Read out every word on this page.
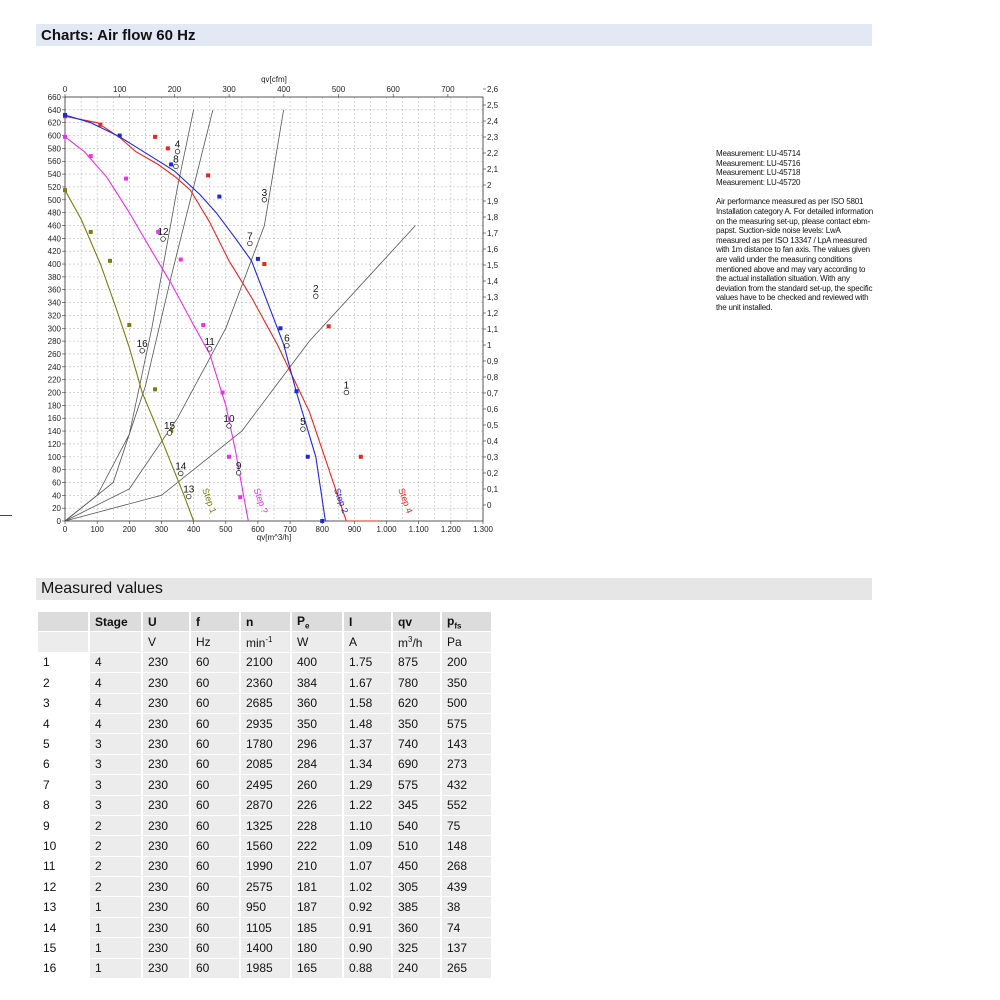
Charts: Air flow 60 Hz
0
20
40
60
80
100
120
140
160
180
200
220
240
260
280
300
320
340
360
380
400
420
440
460
480
500
520
540
560
580
600
620
640
660
0
0,1
0,2
0,3
0,4
0,5
0,6
0,7
0,8
0,9
1
1,1
1,2
1,3
1,4
1,5
1,6
1,7
1,8
1,9
2
2,1
2,2
2,3
2,4
2,5
2,6
0	100 200 300 400 500 600 700 800 900 1.000 1.100 1.200 1.300
qv[m^3/h]
0	100	200	300	400	500	600	700
qv[cfm]
Step 4
Step 2
Step ?
Step 1
1
2
3
4
5
6
7
8
9
10
11
12
13
14
15
16
Measurement: LU-45714
Measurement: LU-45716
Measurement: LU-45718
Measurement: LU-45720
Air performance measured as per ISO 5801 Installation category A. For detailed information on the measuring set-up, please contact ebm-papst. Suction-side noise levels: LwA measured as per ISO 13347 / LpA measured with 1m distance to fan axis. The values given are valid under the measuring conditions mentioned above and may vary according to the actual installation situation. With any deviation from the standard set-up, the specific values have to be checked and reviewed with the unit installed.
Measured values
	Stage	U	f	n	$P_e$	I	qv	$p_{fs}$
		V	Hz	$\min^{-1}$	W	A	$m^3/h$	Pa
1	4	230	60	2100	400	1.75	875	200
2	4	230	60	2360	384	1.67	780	350
3	4	230	60	2685	360	1.58	620	500
4	4	230	60	2935	350	1.48	350	575
5	3	230	60	1780	296	1.37	740	143
6	3	230	60	2085	284	1.34	690	273
7	3	230	60	2495	260	1.29	575	432
8	3	230	60	2870	226	1.22	345	552
9	2	230	60	1325	228	1.10	540	75
10	2	230	60	1560	222	1.09	510	148
11	2	230	60	1990	210	1.07	450	268
12	2	230	60	2575	181	1.02	305	439
13	1	230	60	950	187	0.92	385	38
14	1	230	60	1105	185	0.91	360	74
15	1	230	60	1400	180	0.90	325	137
16	1	230	60	1985	165	0.88	240	265
